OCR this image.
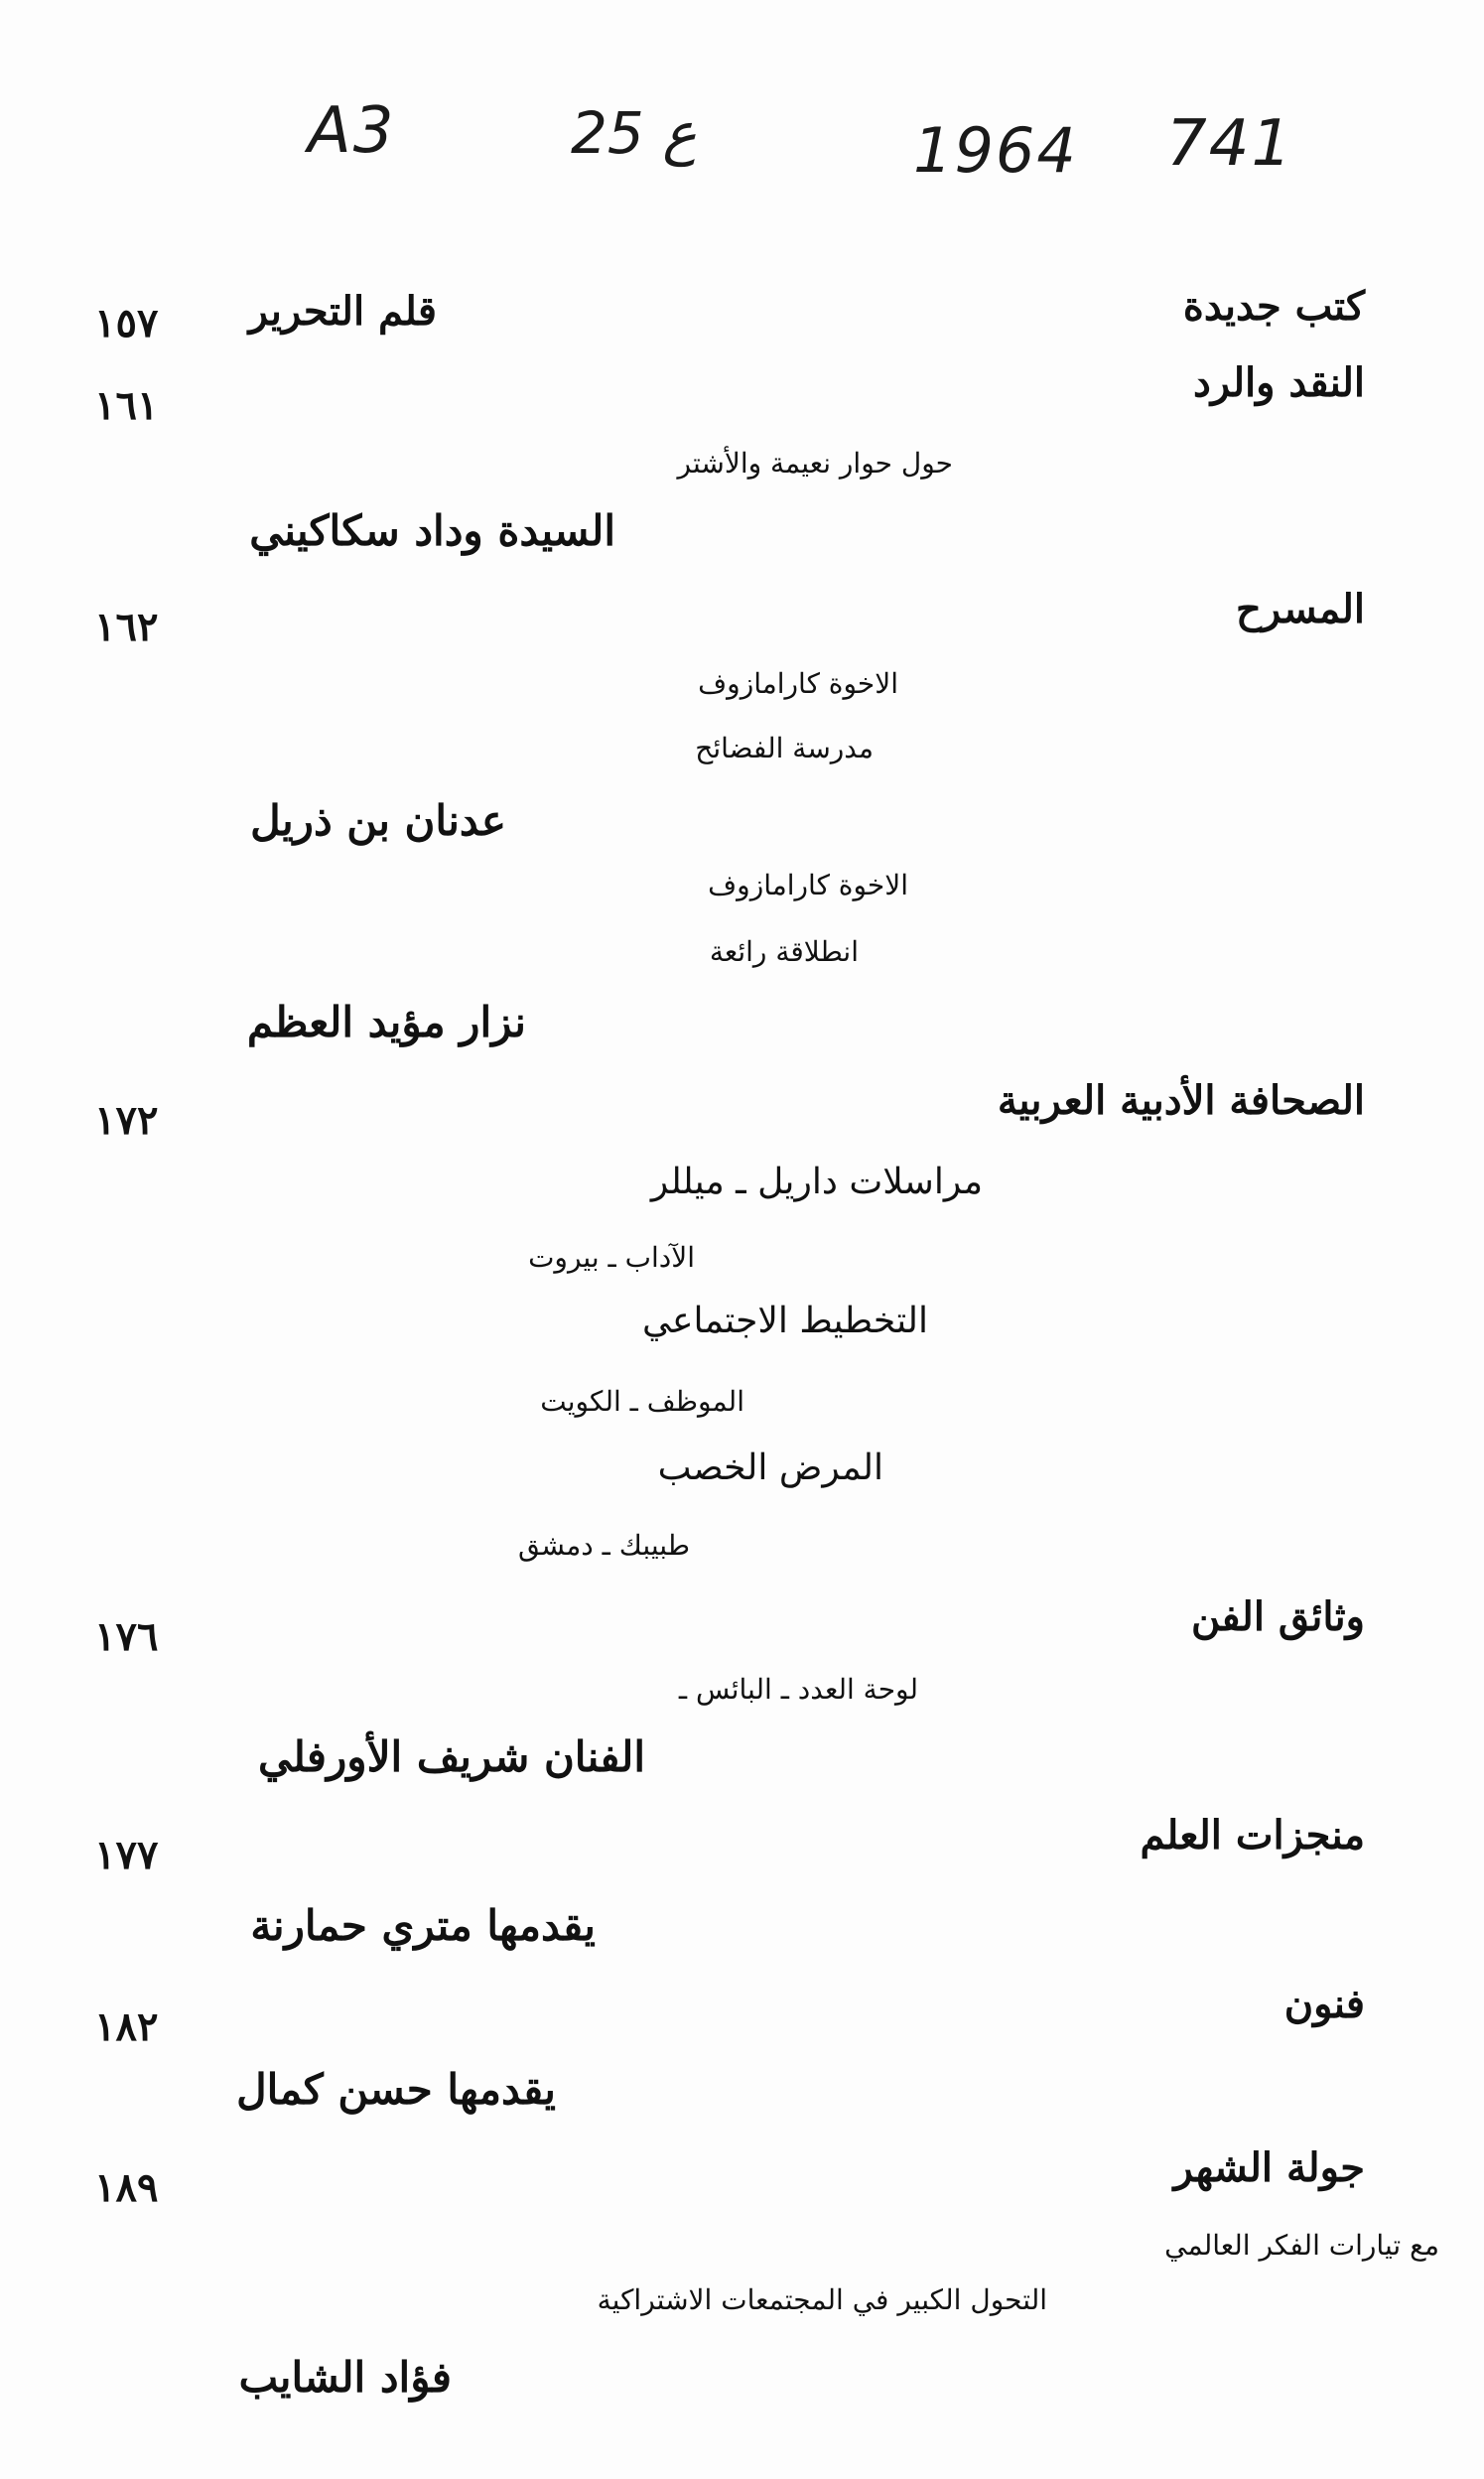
A3	25 ع	1964 741
كتب جديدة
١٥٧ قلم التحرير
النقد والرد
١٦١
حول حوار نعيمة والأشتر
السيدة وداد سكاكيني
المسرح
١٦٢
الاخوة كارامازوف
مدرسة الفضائح
عدنان بن ذريل
الاخوة كارامازوف
انطلاقة رائعة
نزار مؤيد العظم
الصحافة الأدبية العربية
١٧٢
مراسلات داريل ـ ميللر
الآداب ـ بيروت
التخطيط الاجتماعي
الموظف ـ الكويت
المرض الخصب
طبيبك ـ دمشق
وثائق الفن
١٧٦
لوحة العدد ـ البائس ـ
الفنان شريف الأورفلي
منجزات العلم
١٧٧
يقدمها متري حمارنة
فنون
١٨٢
يقدمها حسن كمال
جولة الشهر
١٨٩
مع تيارات الفكر العالمي
التحول الكبير في المجتمعات الاشتراكية
فؤاد الشايب
